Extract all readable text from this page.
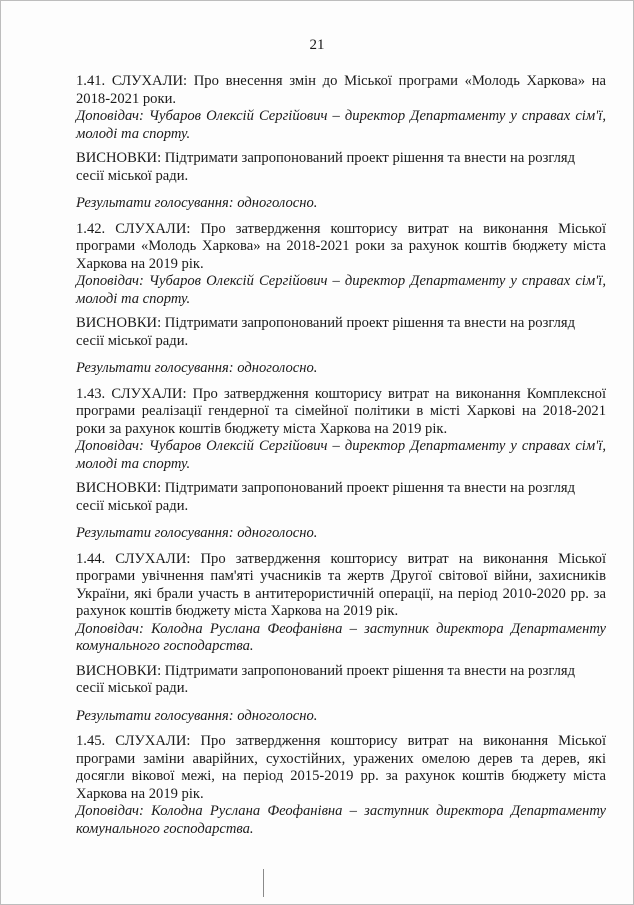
21

1.41. СЛУХАЛИ: Про внесення змін до Міської програми «Молодь Харкова» на 2018-2021 роки.

Доповідач: Чубаров Олексій Сергійович – директор Департаменту у справах сім'ї, молоді та спорту.

ВИСНОВКИ: Підтримати запропонований проект рішення та внести на розгляд сесії міської ради.

Результати голосування: одноголосно.

1.42. СЛУХАЛИ: Про затвердження кошторису витрат на виконання Міської програми «Молодь Харкова» на 2018-2021 роки за рахунок коштів бюджету міста Харкова на 2019 рік.

Доповідач: Чубаров Олексій Сергійович – директор Департаменту у справах сім'ї, молоді та спорту.

ВИСНОВКИ: Підтримати запропонований проект рішення та внести на розгляд сесії міської ради.

Результати голосування: одноголосно.

1.43. СЛУХАЛИ: Про затвердження кошторису витрат на виконання Комплексної програми реалізації гендерної та сімейної політики в місті Харкові на 2018-2021 роки за рахунок коштів бюджету міста Харкова на 2019 рік.

Доповідач: Чубаров Олексій Сергійович – директор Департаменту у справах сім'ї, молоді та спорту.

ВИСНОВКИ: Підтримати запропонований проект рішення та внести на розгляд сесії міської ради.

Результати голосування: одноголосно.

1.44. СЛУХАЛИ: Про затвердження кошторису витрат на виконання Міської програми увічнення пам'яті учасників та жертв Другої світової війни, захисників України, які брали участь в антитерористичній операції, на період 2010-2020 рр. за рахунок коштів бюджету міста Харкова на 2019 рік.

Доповідач: Колодна Руслана Феофанівна – заступник директора Департаменту комунального господарства.

ВИСНОВКИ: Підтримати запропонований проект рішення та внести на розгляд сесії міської ради.

Результати голосування: одноголосно.

1.45. СЛУХАЛИ: Про затвердження кошторису витрат на виконання Міської програми заміни аварійних, сухостійних, уражених омелою дерев та дерев, які досягли вікової межі, на період 2015-2019 рр. за рахунок коштів бюджету міста Харкова на 2019 рік.

Доповідач: Колодна Руслана Феофанівна – заступник директора Департаменту комунального господарства.
